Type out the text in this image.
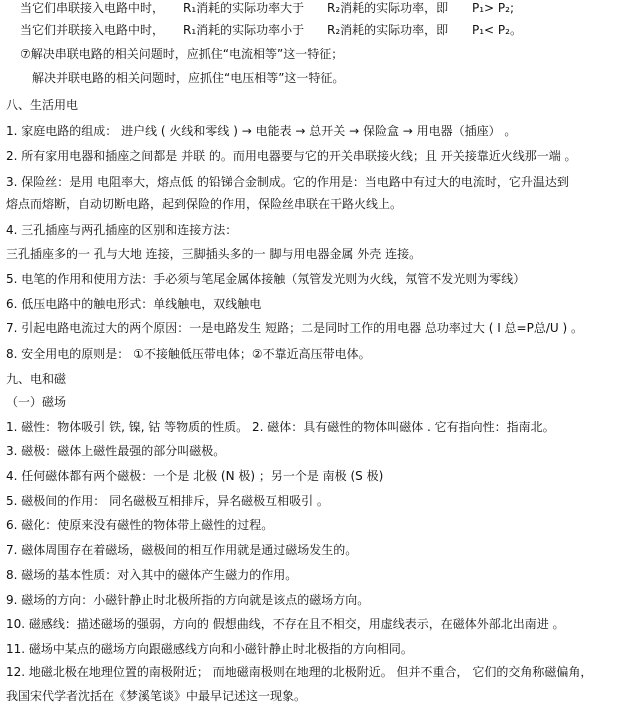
当它们串联接入电路中时， R₁消耗的实际功率大于 R₂消耗的实际功率，即 P₁> P₂;
当它们并联接入电路中时， R₁消耗的实际功率小于 R₂消耗的实际功率，即 P₁< P₂。
⑦解决串联电路的相关问题时，应抓住“电流相等”这一特征；
解决并联电路的相关问题时，应抓住“电压相等”这一特征。
八、生活用电
1. 家庭电路的组成： 进户线 ( 火线和零线 ) → 电能表 → 总开关 → 保险盒 → 用电器（插座） 。
2. 所有家用电器和插座之间都是 并联 的。而用电器要与它的开关串联接火线；且 开关接靠近火线那一端 。
3. 保险丝：是用 电阻率大，熔点低 的铅锑合金制成。它的作用是：当电路中有过大的电流时，它升温达到
熔点而熔断，自动切断电路，起到保险的作用，保险丝串联在干路火线上。
4. 三孔插座与两孔插座的区别和连接方法：
三孔插座多的一 孔与大地 连接，三脚插头多的一 脚与用电器金属 外壳 连接。
5. 电笔的作用和使用方法：手必须与笔尾金属体接触（氖管发光则为火线，氖管不发光则为零线）
6. 低压电路中的触电形式：单线触电，双线触电
7. 引起电路电流过大的两个原因：一是电路发生 短路；二是同时工作的用电器 总功率过大 ( I 总=P总/U ) 。
8. 安全用电的原则是： ①不接触低压带电体；②不靠近高压带电体。
九、电和磁
（一）磁场
1. 磁性：物体吸引 铁, 镍, 钴 等物质的性质。 2. 磁体：具有磁性的物体叫磁体 . 它有指向性：指南北。
3. 磁极：磁体上磁性最强的部分叫磁极。
4. 任何磁体都有两个磁极：一个是 北极 (N 极) ；另一个是 南极 (S 极)
5. 磁极间的作用： 同名磁极互相排斥，异名磁极互相吸引 。
6. 磁化：使原来没有磁性的物体带上磁性的过程。
7. 磁体周围存在着磁场，磁极间的相互作用就是通过磁场发生的。
8. 磁场的基本性质：对入其中的磁体产生磁力的作用。
9. 磁场的方向：小磁针静止时北极所指的方向就是该点的磁场方向。
10. 磁感线：描述磁场的强弱，方向的 假想曲线，不存在且不相交，用虚线表示，在磁体外部北出南进 。
11. 磁场中某点的磁场方向跟磁感线方向和小磁针静止时北极指的方向相同。
12. 地磁北极在地理位置的南极附近； 而地磁南极则在地理的北极附近。 但并不重合， 它们的交角称磁偏角，
我国宋代学者沈括在《梦溪笔谈》中最早记述这一现象。
